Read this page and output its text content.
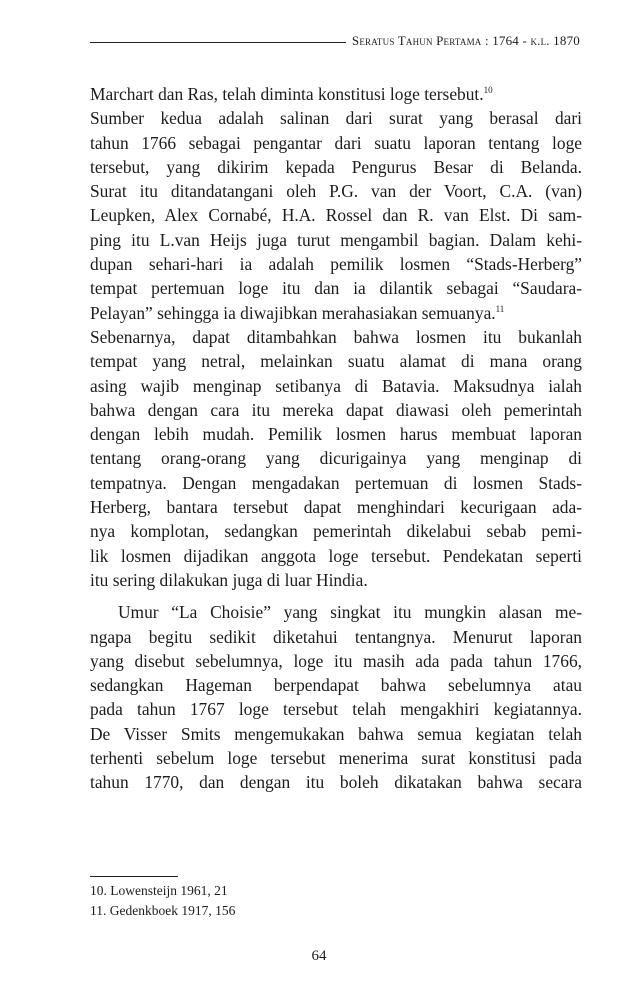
Seratus Tahun Pertama : 1764 - k.l. 1870
Marchart dan Ras, telah diminta konstitusi loge tersebut.$^{10}$
Sumber kedua adalah salinan dari surat yang berasal dari
tahun 1766 sebagai pengantar dari suatu laporan tentang loge
tersebut, yang dikirim kepada Pengurus Besar di Belanda.
Surat itu ditandatangani oleh P.G. van der Voort, C.A. (van)
Leupken, Alex Cornabé, H.A. Rossel dan R. van Elst. Di sam-
ping itu L.van Heijs juga turut mengambil bagian. Dalam kehi-
dupan sehari-hari ia adalah pemilik losmen “Stads-Herberg”
tempat pertemuan loge itu dan ia dilantik sebagai “Saudara-
Pelayan” sehingga ia diwajibkan merahasiakan semuanya.$^{11}$
Sebenarnya, dapat ditambahkan bahwa losmen itu bukanlah
tempat yang netral, melainkan suatu alamat di mana orang
asing wajib menginap setibanya di Batavia. Maksudnya ialah
bahwa dengan cara itu mereka dapat diawasi oleh pemerintah
dengan lebih mudah. Pemilik losmen harus membuat laporan
tentang orang-orang yang dicurigainya yang menginap di
tempatnya. Dengan mengadakan pertemuan di losmen Stads-
Herberg, bantara tersebut dapat menghindari kecurigaan ada-
nya komplotan, sedangkan pemerintah dikelabui sebab pemi-
lik losmen dijadikan anggota loge tersebut. Pendekatan seperti
itu sering dilakukan juga di luar Hindia.
Umur “La Choisie” yang singkat itu mungkin alasan me-
ngapa begitu sedikit diketahui tentangnya. Menurut laporan
yang disebut sebelumnya, loge itu masih ada pada tahun 1766,
sedangkan Hageman berpendapat bahwa sebelumnya atau
pada tahun 1767 loge tersebut telah mengakhiri kegiatannya.
De Visser Smits mengemukakan bahwa semua kegiatan telah
terhenti sebelum loge tersebut menerima surat konstitusi pada
tahun 1770, dan dengan itu boleh dikatakan bahwa secara
10. Lowensteijn 1961, 21
11. Gedenkboek 1917, 156
64
